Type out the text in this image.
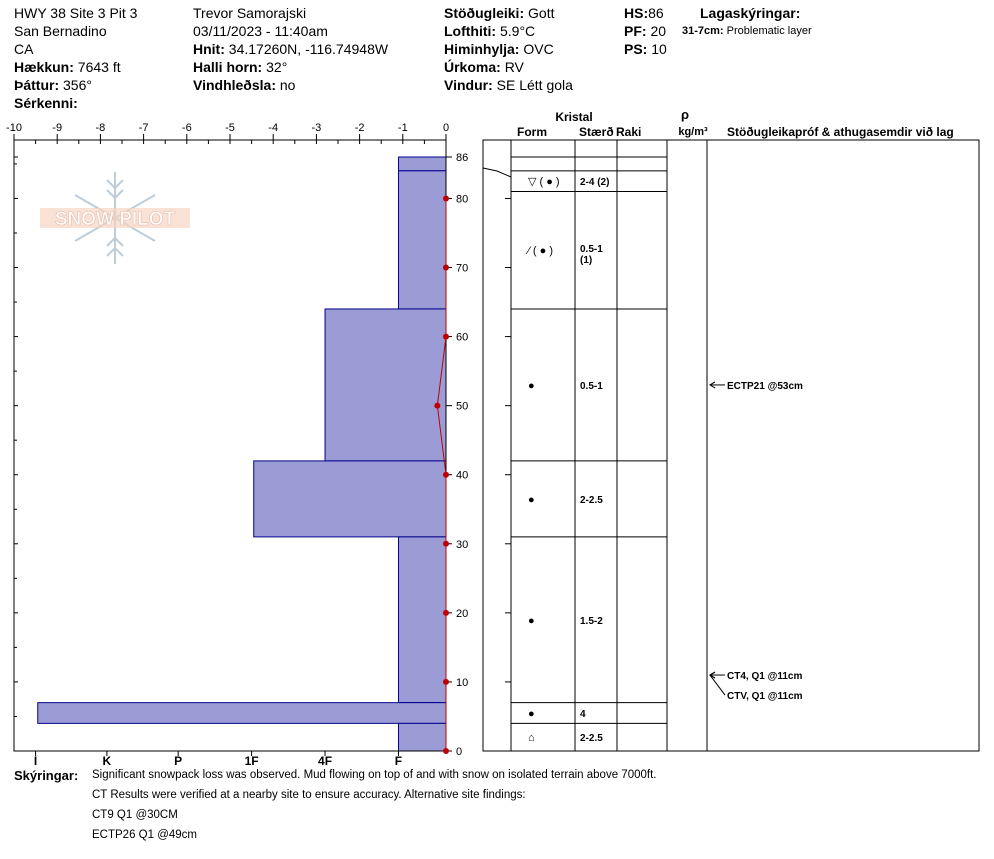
HWY 38 Site 3 Pit 3
San Bernadino
CA
Hækkun: 7643 ft
Þáttur: 356°
Sérkenni:
Trevor Samorajski
03/11/2023 - 11:40am
Hnit: 34.17260N, -116.74948W
Halli horn: 32°
Vindhleðsla: no
Stöðugleiki: Gott
Lofthiti: 5.9°C
Himinhylja: OVC
Úrkoma: RV
Vindur: SE Létt gola
HS:86
PF: 20
PS: 10
Lagaskýringar:
31-7cm: Problematic layer
SNOW PILOT
-10	-9	-8	-7	-6	-5	-4	-3	-2	-1	0
I	K	P	1F	4F	F
0
10
20
30
40
50
60
70
80
86
Kristal
Form	Stærð Raki
ρ
kg/m³ Stöðugleikapróf & athugasemdir við lag
▽ ( ● ) 2-4 (2)
⁄ ( ● )	0.5-1
(1)
●	0.5-1
●	2-2.5
●	1.5-2
●	4
⌂	2-2.5
ECTP21 @53cm
CT4, Q1 @11cm
CTV, Q1 @11cm
Skýringar: Significant snowpack loss was observed. Mud flowing on top of and with snow on isolated terrain above 7000ft.
CT Results were verified at a nearby site to ensure accuracy. Alternative site findings:
CT9 Q1 @30CM
ECTP26 Q1 @49cm
